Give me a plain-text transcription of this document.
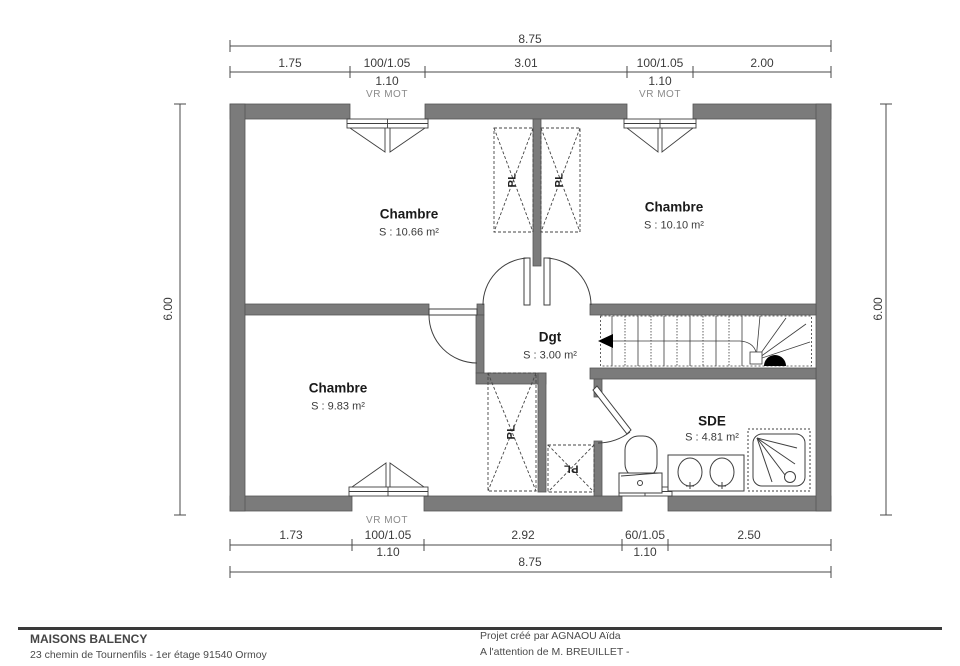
8.75
1.75	100/1.05	3.01	100/1.05	2.00
1.10	1.10
VR MOT	VR MOT
VR MOT
1.73	100/1.05	2.92	60/1.05	2.50
1.10	1.10
8.75
6.00	6.00
Chambre
S : 10.66 m²
Chambre
S : 10.10 m²
Chambre
S : 9.83 m²
Dgt
S : 3.00 m²
SDE
S : 4.81 m²
PL	PL
PL
PL
MAISONS BALENCY
23 chemin de Tournenfils - 1er étage 91540 Ormoy
Projet créé par AGNAOU Aïda
A l'attention de M. BREUILLET -
